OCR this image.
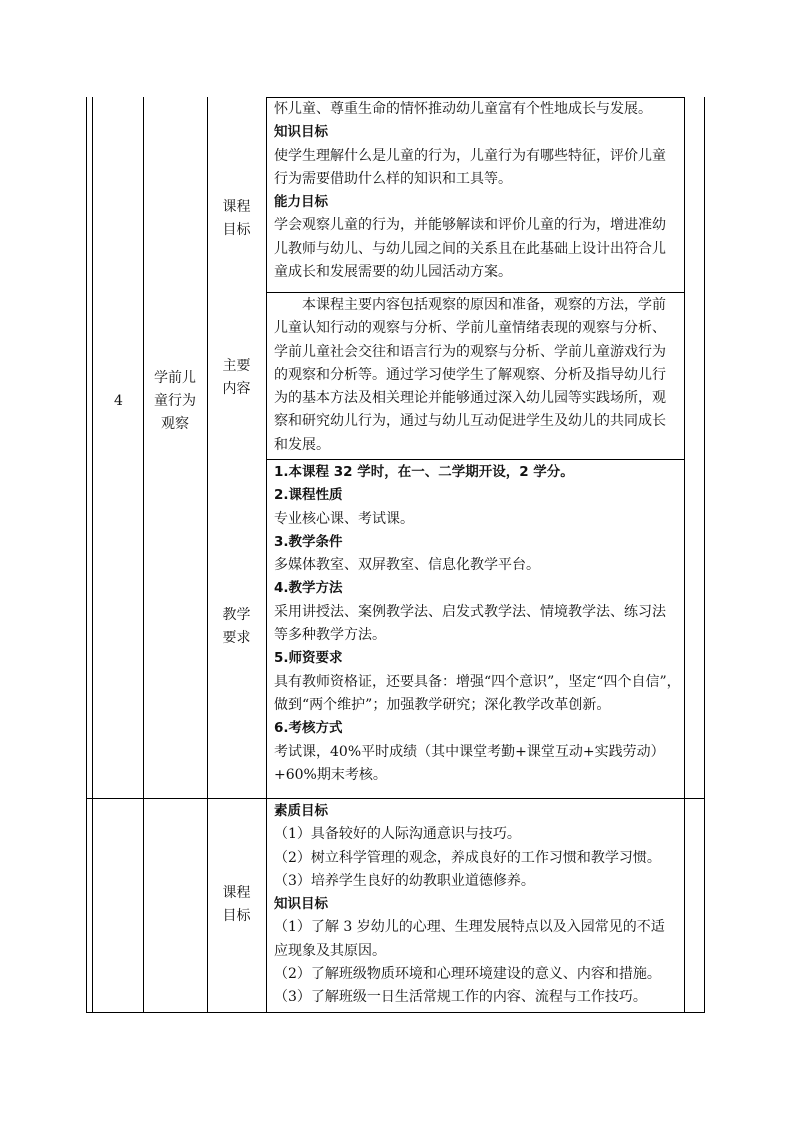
4
学前儿
童行为
观察
课程
目标
主要
内容
教学
要求
课程
目标

怀儿童、尊重生命的情怀推动幼儿童富有个性地成长与发展。

知识目标

使学生理解什么是儿童的行为，儿童行为有哪些特征，评价儿童

行为需要借助什么样的知识和工具等。

能力目标

学会观察儿童的行为，并能够解读和评价儿童的行为，增进准幼

儿教师与幼儿、与幼儿园之间的关系且在此基础上设计出符合儿

童成长和发展需要的幼儿园活动方案。

本课程主要内容包括观察的原因和准备，观察的方法，学前

儿童认知行动的观察与分析、学前儿童情绪表现的观察与分析、

学前儿童社会交往和语言行为的观察与分析、学前儿童游戏行为

的观察和分析等。通过学习使学生了解观察、分析及指导幼儿行

为的基本方法及相关理论并能够通过深入幼儿园等实践场所，观

察和研究幼儿行为，通过与幼儿互动促进学生及幼儿的共同成长

和发展。

1.本课程 32 学时，在一、二学期开设，2 学分。

2.课程性质

专业核心课、考试课。

3.教学条件

多媒体教室、双屏教室、信息化教学平台。

4.教学方法

采用讲授法、案例教学法、启发式教学法、情境教学法、练习法

等多种教学方法。

5.师资要求

具有教师资格证，还要具备：增强“四个意识”，坚定“四个自信”，

做到“两个维护”；加强教学研究；深化教学改革创新。

6.考核方式

考试课，40%平时成绩（其中课堂考勤+课堂互动+实践劳动）

+60%期末考核。

素质目标

（1）具备较好的人际沟通意识与技巧。

（2）树立科学管理的观念，养成良好的工作习惯和教学习惯。

（3）培养学生良好的幼教职业道德修养。

知识目标

（1）了解 3 岁幼儿的心理、生理发展特点以及入园常见的不适

应现象及其原因。

（2）了解班级物质环境和心理环境建设的意义、内容和措施。

（3）了解班级一日生活常规工作的内容、流程与工作技巧。
